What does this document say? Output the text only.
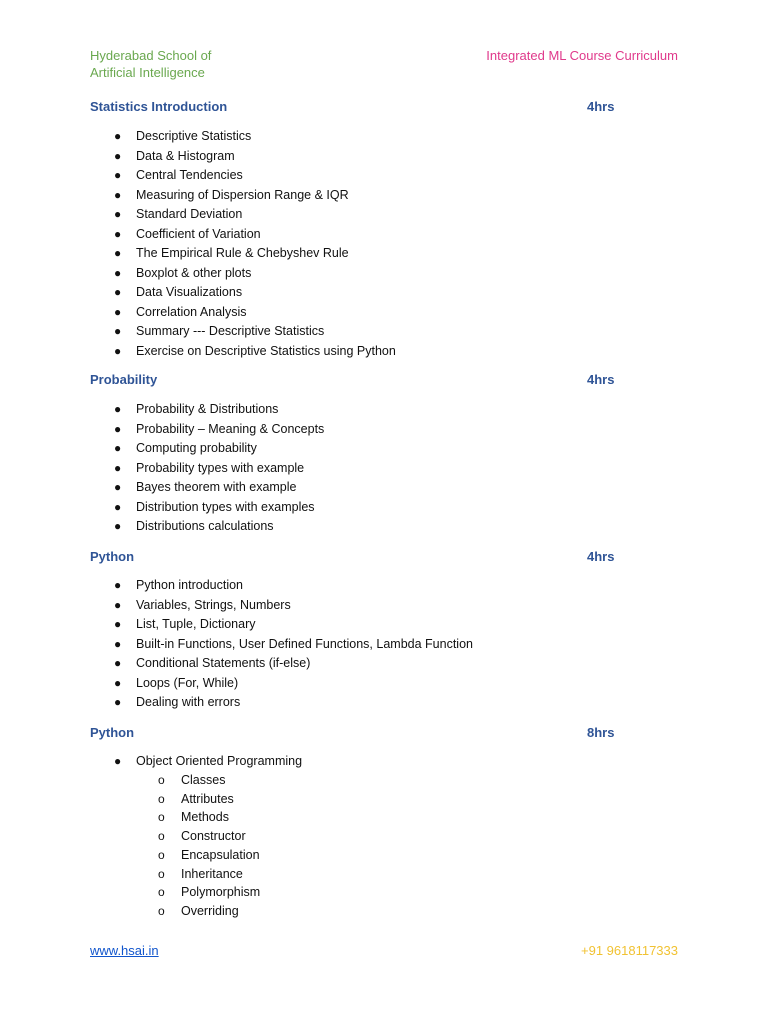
Hyderabad School of
Artificial Intelligence
Integrated ML Course Curriculum
Statistics Introduction	4hrs
● Descriptive Statistics
● Data & Histogram
● Central Tendencies
● Measuring of Dispersion Range & IQR
● Standard Deviation
● Coefficient of Variation
● The Empirical Rule & Chebyshev Rule
● Boxplot & other plots
● Data Visualizations
● Correlation Analysis
● Summary --- Descriptive Statistics
● Exercise on Descriptive Statistics using Python
Probability	4hrs
● Probability & Distributions
● Probability – Meaning & Concepts
● Computing probability
● Probability types with example
● Bayes theorem with example
● Distribution types with examples
● Distributions calculations
Python	4hrs
● Python introduction
● Variables, Strings, Numbers
● List, Tuple, Dictionary
● Built-in Functions, User Defined Functions, Lambda Function
● Conditional Statements (if-else)
● Loops (For, While)
● Dealing with errors
Python	8hrs
● Object Oriented Programming
o Classes
o Attributes
o Methods
o Constructor
o Encapsulation
o Inheritance
o Polymorphism
o Overriding
www.hsai.in	+91 9618117333
